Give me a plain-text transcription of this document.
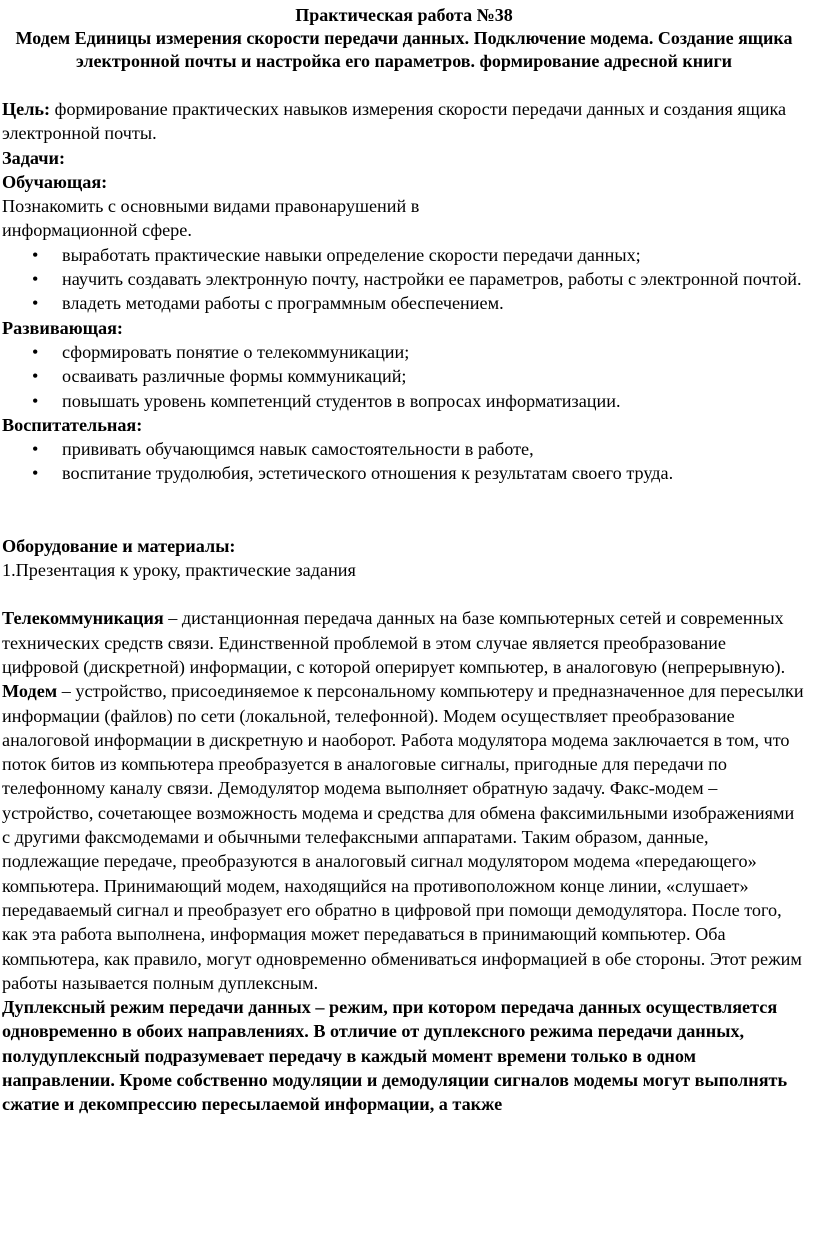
Практическая работа №38
Модем Единицы измерения скорости передачи данных. Подключение модема. Создание ящика электронной почты и настройка его параметров. формирование адресной книги

Цель: формирование практических навыков измерения скорости передачи данных и создания ящика электронной почты.

Задачи:

Обучающая:

Познакомить с основными видами правонарушений в

информационной сфере.

• выработать практические навыки определение скорости передачи данных;
• научить создавать электронную почту, настройки ее параметров, работы с электронной почтой.
• владеть методами работы с программным обеспечением.

Развивающая:

• сформировать понятие о телекоммуникации;
• осваивать различные формы коммуникаций;
• повышать уровень компетенций студентов в вопросах информатизации.

Воспитательная:

• прививать обучающимся навык самостоятельности в работе,
• воспитание трудолюбия, эстетического отношения к результатам своего труда.

Оборудование и материалы:

1.Презентация к уроку, практические задания

Телекоммуникация – дистанционная передача данных на базе компьютерных сетей и современных технических средств связи. Единственной проблемой в этом случае является преобразование цифровой (дискретной) информации, с которой оперирует компьютер, в аналоговую (непрерывную).

Модем – устройство, присоединяемое к персональному компьютеру и предназначенное для пересылки информации (файлов) по сети (локальной, телефонной). Модем осуществляет преобразование аналоговой информации в дискретную и наоборот. Работа модулятора модема заключается в том, что поток битов из компьютера преобразуется в аналоговые сигналы, пригодные для передачи по телефонному каналу связи. Демодулятор модема выполняет обратную задачу. Факс-модем – устройство, сочетающее возможность модема и средства для обмена факсимильными изображениями с другими факсмодемами и обычными телефаксными аппаратами. Таким образом, данные, подлежащие передаче, преобразуются в аналоговый сигнал модулятором модема «передающего» компьютера. Принимающий модем, находящийся на противоположном конце линии, «слушает» передаваемый сигнал и преобразует его обратно в цифровой при помощи демодулятора. После того, как эта работа выполнена, информация может передаваться в принимающий компьютер. Оба компьютера, как правило, могут одновременно обмениваться информацией в обе стороны. Этот режим работы называется полным дуплексным.

Дуплексный режим передачи данных – режим, при котором передача данных осуществляется одновременно в обоих направлениях. В отличие от дуплексного режима передачи данных, полудуплексный подразумевает передачу в каждый момент времени только в одном направлении. Кроме собственно модуляции и демодуляции сигналов модемы могут выполнять сжатие и декомпрессию пересылаемой информации, а также
